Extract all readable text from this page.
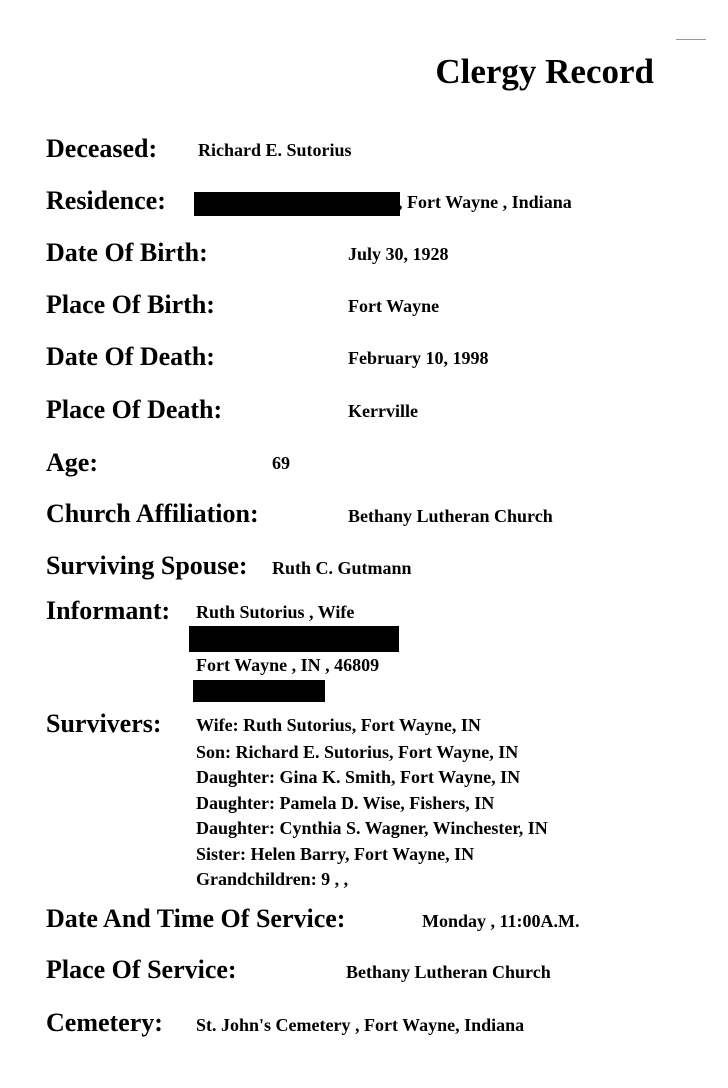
Clergy Record
Deceased: Richard E. Sutorius
Residence:	, Fort Wayne , Indiana
Date Of Birth:	July 30, 1928
Place Of Birth:	Fort Wayne
Date Of Death:	February 10, 1998
Place Of Death:	Kerrville
Age:	69
Church Affiliation:	Bethany Lutheran Church
Surviving Spouse: Ruth C. Gutmann
Informant: Ruth Sutorius , Wife
Fort Wayne , IN , 46809
Survivers: Wife: Ruth Sutorius, Fort Wayne, IN
Son: Richard E. Sutorius, Fort Wayne, IN
Daughter: Gina K. Smith, Fort Wayne, IN
Daughter: Pamela D. Wise, Fishers, IN
Daughter: Cynthia S. Wagner, Winchester, IN
Sister: Helen Barry, Fort Wayne, IN
Grandchildren: 9 , ,
Date And Time Of Service:	Monday , 11:00A.M.
Place Of Service:	Bethany Lutheran Church
Cemetery: St. John's Cemetery , Fort Wayne, Indiana
